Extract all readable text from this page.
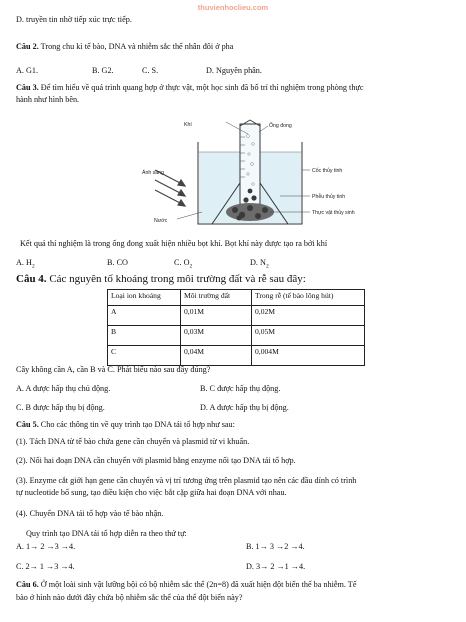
thuvienhoclieu.com
D. truyền tin nhờ tiếp xúc trực tiếp.
Câu 2. Trong chu kì tế bào, DNA và nhiễm sắc thể nhân đôi ở pha
A. G1.	B. G2.	C. S.	D. Nguyên phân.
Câu 3. Để tìm hiểu về quá trình quang hợp ở thực vật, một học sinh đã bố trí thí nghiệm trong phòng thực
hành như hình bên.
Khí	Ống đong
Ánh sáng	Cốc thủy tinh
Phễu thủy tinh
Thực vật thủy sinh
Nước
Kết quả thí nghiệm là trong ống đong xuất hiện nhiều bọt khí. Bọt khí này được tạo ra bởi khí
A. $H_2$	B. CO	C. $O_2$	D. $N_2$
Câu 4. Các nguyên tố khoáng trong môi trường đất và rễ sau đây:
Loại ion khoáng	Môi trường đất	Trong rễ (tế bào lông hút)
A	0,01M	0,02M
B	0,03M	0,05M
C	0,04M	0,004M
Cây không cần A, cần B và C. Phát biểu nào sau đây đúng?
A. A được hấp thụ chủ động.	B. C được hấp thụ động.
C. B được hấp thụ bị động.	D. A được hấp thụ bị động.
Câu 5. Cho các thông tin về quy trình tạo DNA tái tổ hợp như sau:
(1). Tách DNA từ tế bào chứa gene cần chuyển và plasmid từ vi khuẩn.
(2). Nối hai đoạn DNA cần chuyển với plasmid bằng enzyme nối tạo DNA tái tổ hợp.
(3). Enzyme cắt giới hạn gene cần chuyển và vị trí tương ứng trên plasmid tạo nên các đầu dính có trình
tự nucleotide bổ sung, tạo điều kiện cho việc bắt cặp giữa hai đoạn DNA với nhau.
(4). Chuyển DNA tái tổ hợp vào tế bào nhận.
Quy trình tạo DNA tái tổ hợp diễn ra theo thứ tự:
A. 1→ 2 →3 →4.	B. 1→ 3 →2 →4.
C. 2→ 1 →3 →4.	D. 3→ 2 →1 →4.
Câu 6. Ở một loài sinh vật lưỡng bội có bộ nhiễm sắc thể (2n=8) đã xuất hiện đột biến thể ba nhiễm. Tế
bào ở hình nào dưới đây chứa bộ nhiễm sắc thể của thể đột biến này?
